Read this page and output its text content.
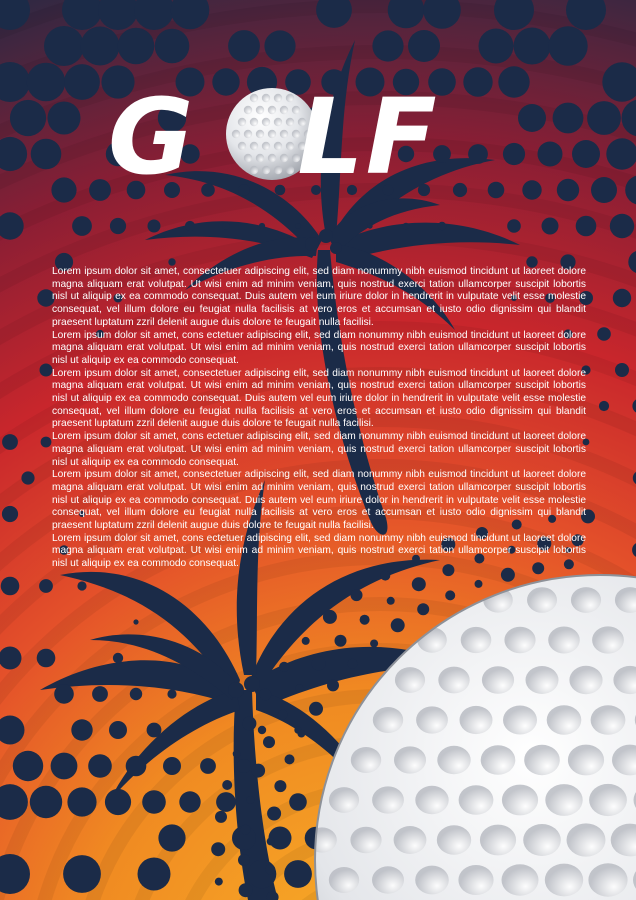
G LF

Lorem ipsum dolor sit amet, consectetuer adipiscing elit, sed diam nonummy nibh euismod tincidunt ut laoreet dolore magna aliquam erat volutpat. Ut wisi enim ad minim veniam, quis nostrud exerci tation ullamcorper suscipit lobortis nisl ut aliquip ex ea commodo consequat. Duis autem vel eum iriure dolor in hendrerit in vulputate velit esse molestie consequat, vel illum dolore eu feugiat nulla facilisis at vero eros et accumsan et iusto odio dignissim qui blandit praesent luptatum zzril delenit augue duis dolore te feugait nulla facilisi.

Lorem ipsum dolor sit amet, cons ectetuer adipiscing elit, sed diam nonummy nibh euismod tincidunt ut laoreet dolore magna aliquam erat volutpat. Ut wisi enim ad minim veniam, quis nostrud exerci tation ullamcorper suscipit lobortis nisl ut aliquip ex ea commodo consequat.

Lorem ipsum dolor sit amet, consectetuer adipiscing elit, sed diam nonummy nibh euismod tincidunt ut laoreet dolore magna aliquam erat volutpat. Ut wisi enim ad minim veniam, quis nostrud exerci tation ullamcorper suscipit lobortis nisl ut aliquip ex ea commodo consequat. Duis autem vel eum iriure dolor in hendrerit in vulputate velit esse molestie consequat, vel illum dolore eu feugiat nulla facilisis at vero eros et accumsan et iusto odio dignissim qui blandit praesent luptatum zzril delenit augue duis dolore te feugait nulla facilisi.

Lorem ipsum dolor sit amet, cons ectetuer adipiscing elit, sed diam nonummy nibh euismod tincidunt ut laoreet dolore magna aliquam erat volutpat. Ut wisi enim ad minim veniam, quis nostrud exerci tation ullamcorper suscipit lobortis nisl ut aliquip ex ea commodo consequat.

Lorem ipsum dolor sit amet, consectetuer adipiscing elit, sed diam nonummy nibh euismod tincidunt ut laoreet dolore magna aliquam erat volutpat. Ut wisi enim ad minim veniam, quis nostrud exerci tation ullamcorper suscipit lobortis nisl ut aliquip ex ea commodo consequat. Duis autem vel eum iriure dolor in hendrerit in vulputate velit esse molestie consequat, vel illum dolore eu feugiat nulla facilisis at vero eros et accumsan et iusto odio dignissim qui blandit praesent luptatum zzril delenit augue duis dolore te feugait nulla facilisi.

Lorem ipsum dolor sit amet, cons ectetuer adipiscing elit, sed diam nonummy nibh euismod tincidunt ut laoreet dolore magna aliquam erat volutpat. Ut wisi enim ad minim veniam, quis nostrud exerci tation ullamcorper suscipit lobortis nisl ut aliquip ex ea commodo consequat.
